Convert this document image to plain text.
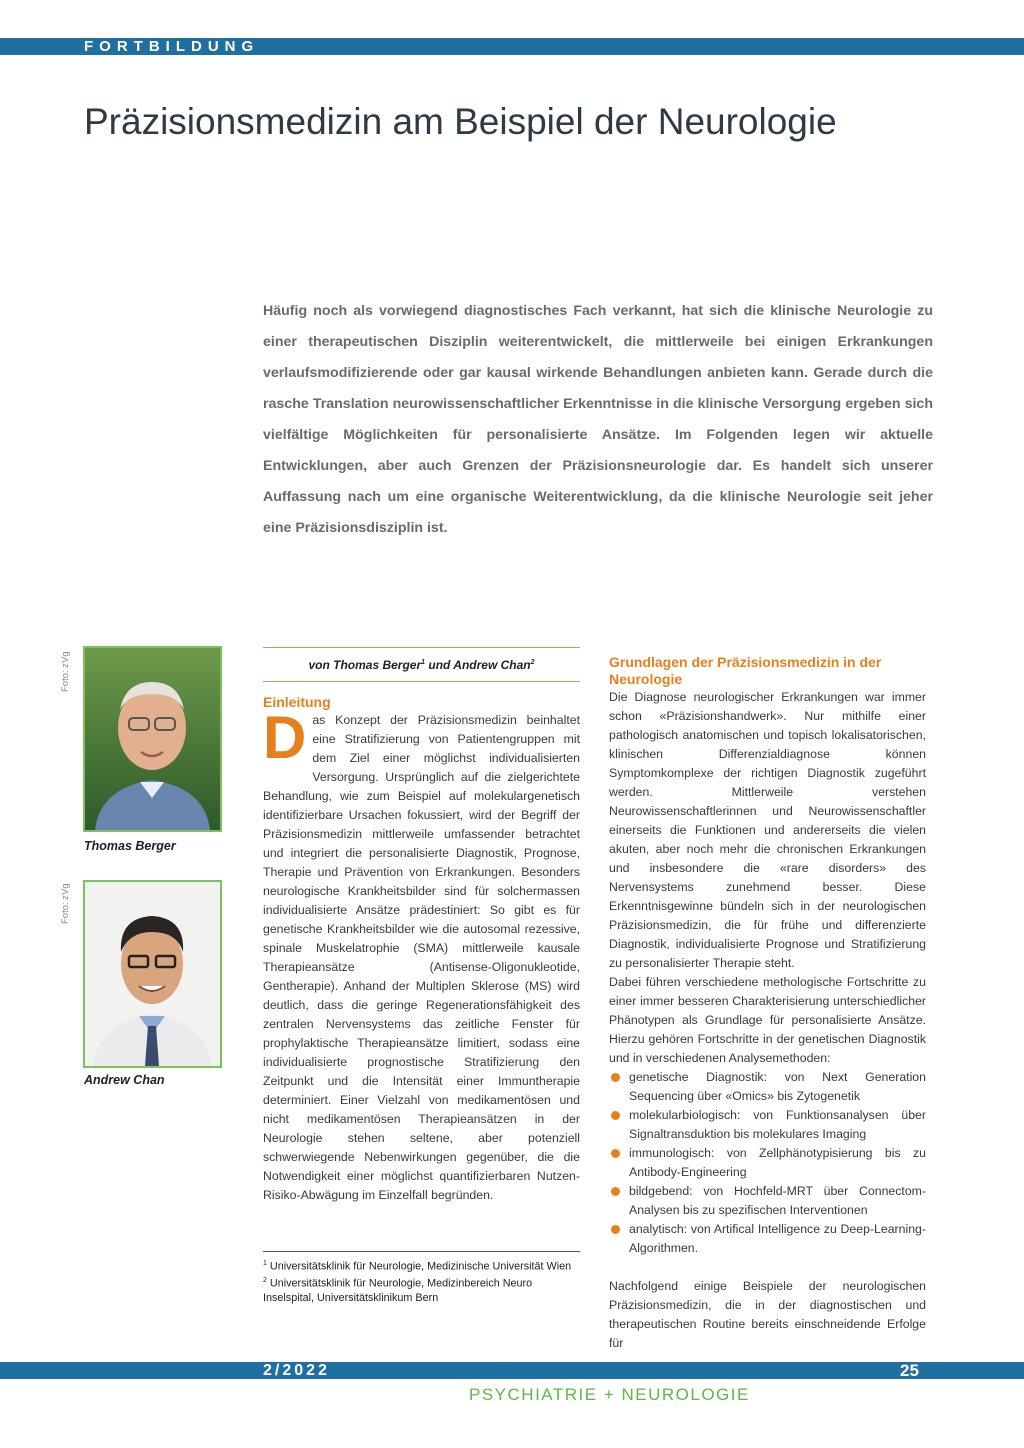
FORTBILDUNG
Präzisionsmedizin am Beispiel der Neurologie

Häufig noch als vorwiegend diagnostisches Fach verkannt, hat sich die klinische Neurologie zu einer therapeutischen Disziplin weiterentwickelt, die mittlerweile bei einigen Erkrankungen verlaufsmodifizierende oder gar kausal wirkende Behandlungen anbieten kann. Gerade durch die rasche Translation neurowissenschaftlicher Erkenntnisse in die klinische Versorgung ergeben sich vielfältige Möglichkeiten für personalisierte Ansätze. Im Folgenden legen wir aktuelle Entwicklungen, aber auch Grenzen der Präzisionsneurologie dar. Es handelt sich unserer Auffassung nach um eine organische Weiterentwicklung, da die klinische Neurologie seit jeher eine Präzisionsdisziplin ist.

Foto: zVg
Thomas Berger
Foto: zVg
Andrew Chan
von Thomas Berger$^1$ und Andrew Chan$^2$
Einleitung

Das Konzept der Präzisionsmedizin beinhaltet eine Stratifizierung von Patientengruppen mit dem Ziel einer möglichst individualisierten Versorgung. Ursprünglich auf die zielgerichtete Behandlung, wie zum Beispiel auf molekulargenetisch identifizierbare Ursachen fokussiert, wird der Begriff der Präzisionsmedizin mittlerweile umfassender betrachtet und integriert die personalisierte Diagnostik, Prognose, Therapie und Prävention von Erkrankungen. Besonders neurologische Krankheitsbilder sind für solchermassen individualisierte Ansätze prädestiniert: So gibt es für genetische Krankheitsbilder wie die autosomal rezessive, spinale Muskelatrophie (SMA) mittlerweile kausale Therapieansätze (Antisense-Oligonukleotide, Gentherapie). Anhand der Multiplen Sklerose (MS) wird deutlich, dass die geringe Regenerationsfähigkeit des zentralen Nervensystems das zeitliche Fenster für prophylaktische Therapieansätze limitiert, sodass eine individualisierte prognostische Stratifizierung den Zeitpunkt und die Intensität einer Immuntherapie determiniert. Einer Vielzahl von medikamentösen und nicht medikamentösen Therapieansätzen in der Neurologie stehen seltene, aber potenziell schwerwiegende Nebenwirkungen gegenüber, die die Notwendigkeit einer möglichst quantifizierbaren Nutzen-Risiko-Abwägung im Einzelfall begründen.

$^1$ Universitätsklinik für Neurologie, Medizinische Universität Wien
$^2$ Universitätsklinik für Neurologie, Medizinbereich Neuro Inselspital, Universitätsklinikum Bern
Grundlagen der Präzisionsmedizin in der Neurologie

Die Diagnose neurologischer Erkrankungen war immer schon «Präzisionshandwerk». Nur mithilfe einer pathologisch anatomischen und topisch lokalisatorischen, klinischen Differenzialdiagnose können Symptomkomplexe der richtigen Diagnostik zugeführt werden. Mittlerweile verstehen Neurowissenschaftlerinnen und Neurowissenschaftler einerseits die Funktionen und andererseits die vielen akuten, aber noch mehr die chronischen Erkrankungen und insbesondere die «rare disorders» des Nervensystems zunehmend besser. Diese Erkenntnisgewinne bündeln sich in der neurologischen Präzisionsmedizin, die für frühe und differenzierte Diagnostik, individualisierte Prognose und Stratifizierung zu personalisierter Therapie steht.

Dabei führen verschiedene methologische Fortschritte zu einer immer besseren Charakterisierung unterschiedlicher Phänotypen als Grundlage für personalisierte Ansätze. Hierzu gehören Fortschritte in der genetischen Diagnostik und in verschiedenen Analysemethoden:

genetische Diagnostik: von Next Generation Sequencing über «Omics» bis Zytogenetik
molekularbiologisch: von Funktionsanalysen über Signaltransduktion bis molekulares Imaging
immunologisch: von Zellphänotypisierung bis zu Antibody-Engineering
bildgebend: von Hochfeld-MRT über Connectom-Analysen bis zu spezifischen Interventionen
analytisch: von Artifical Intelligence zu Deep-Learning-Algorithmen.

Nachfolgend einige Beispiele der neurologischen Präzisionsmedizin, die in der diagnostischen und therapeutischen Routine bereits einschneidende Erfolge für

2/2022	25
PSYCHIATRIE + NEUROLOGIE
